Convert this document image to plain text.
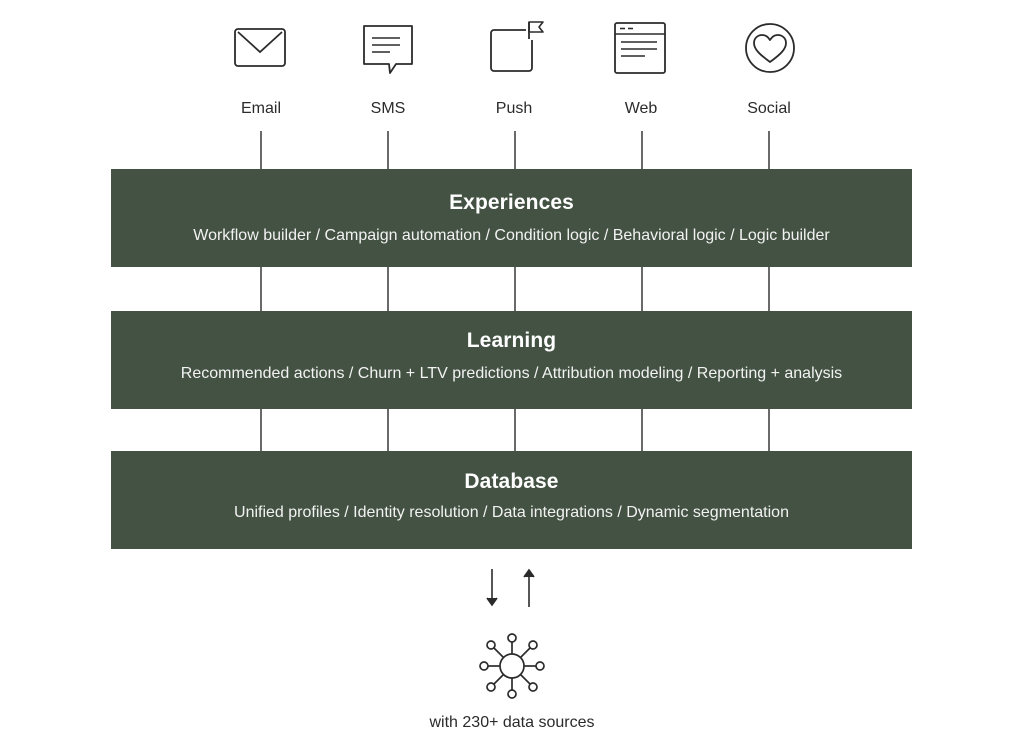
Email	SMS	Push	Web	Social
Experiences
Workflow builder / Campaign automation / Condition logic / Behavioral logic / Logic builder
Learning
Recommended actions / Churn + LTV predictions / Attribution modeling / Reporting + analysis
Database
Unified profiles / Identity resolution / Data integrations / Dynamic segmentation
with 230+ data sources
